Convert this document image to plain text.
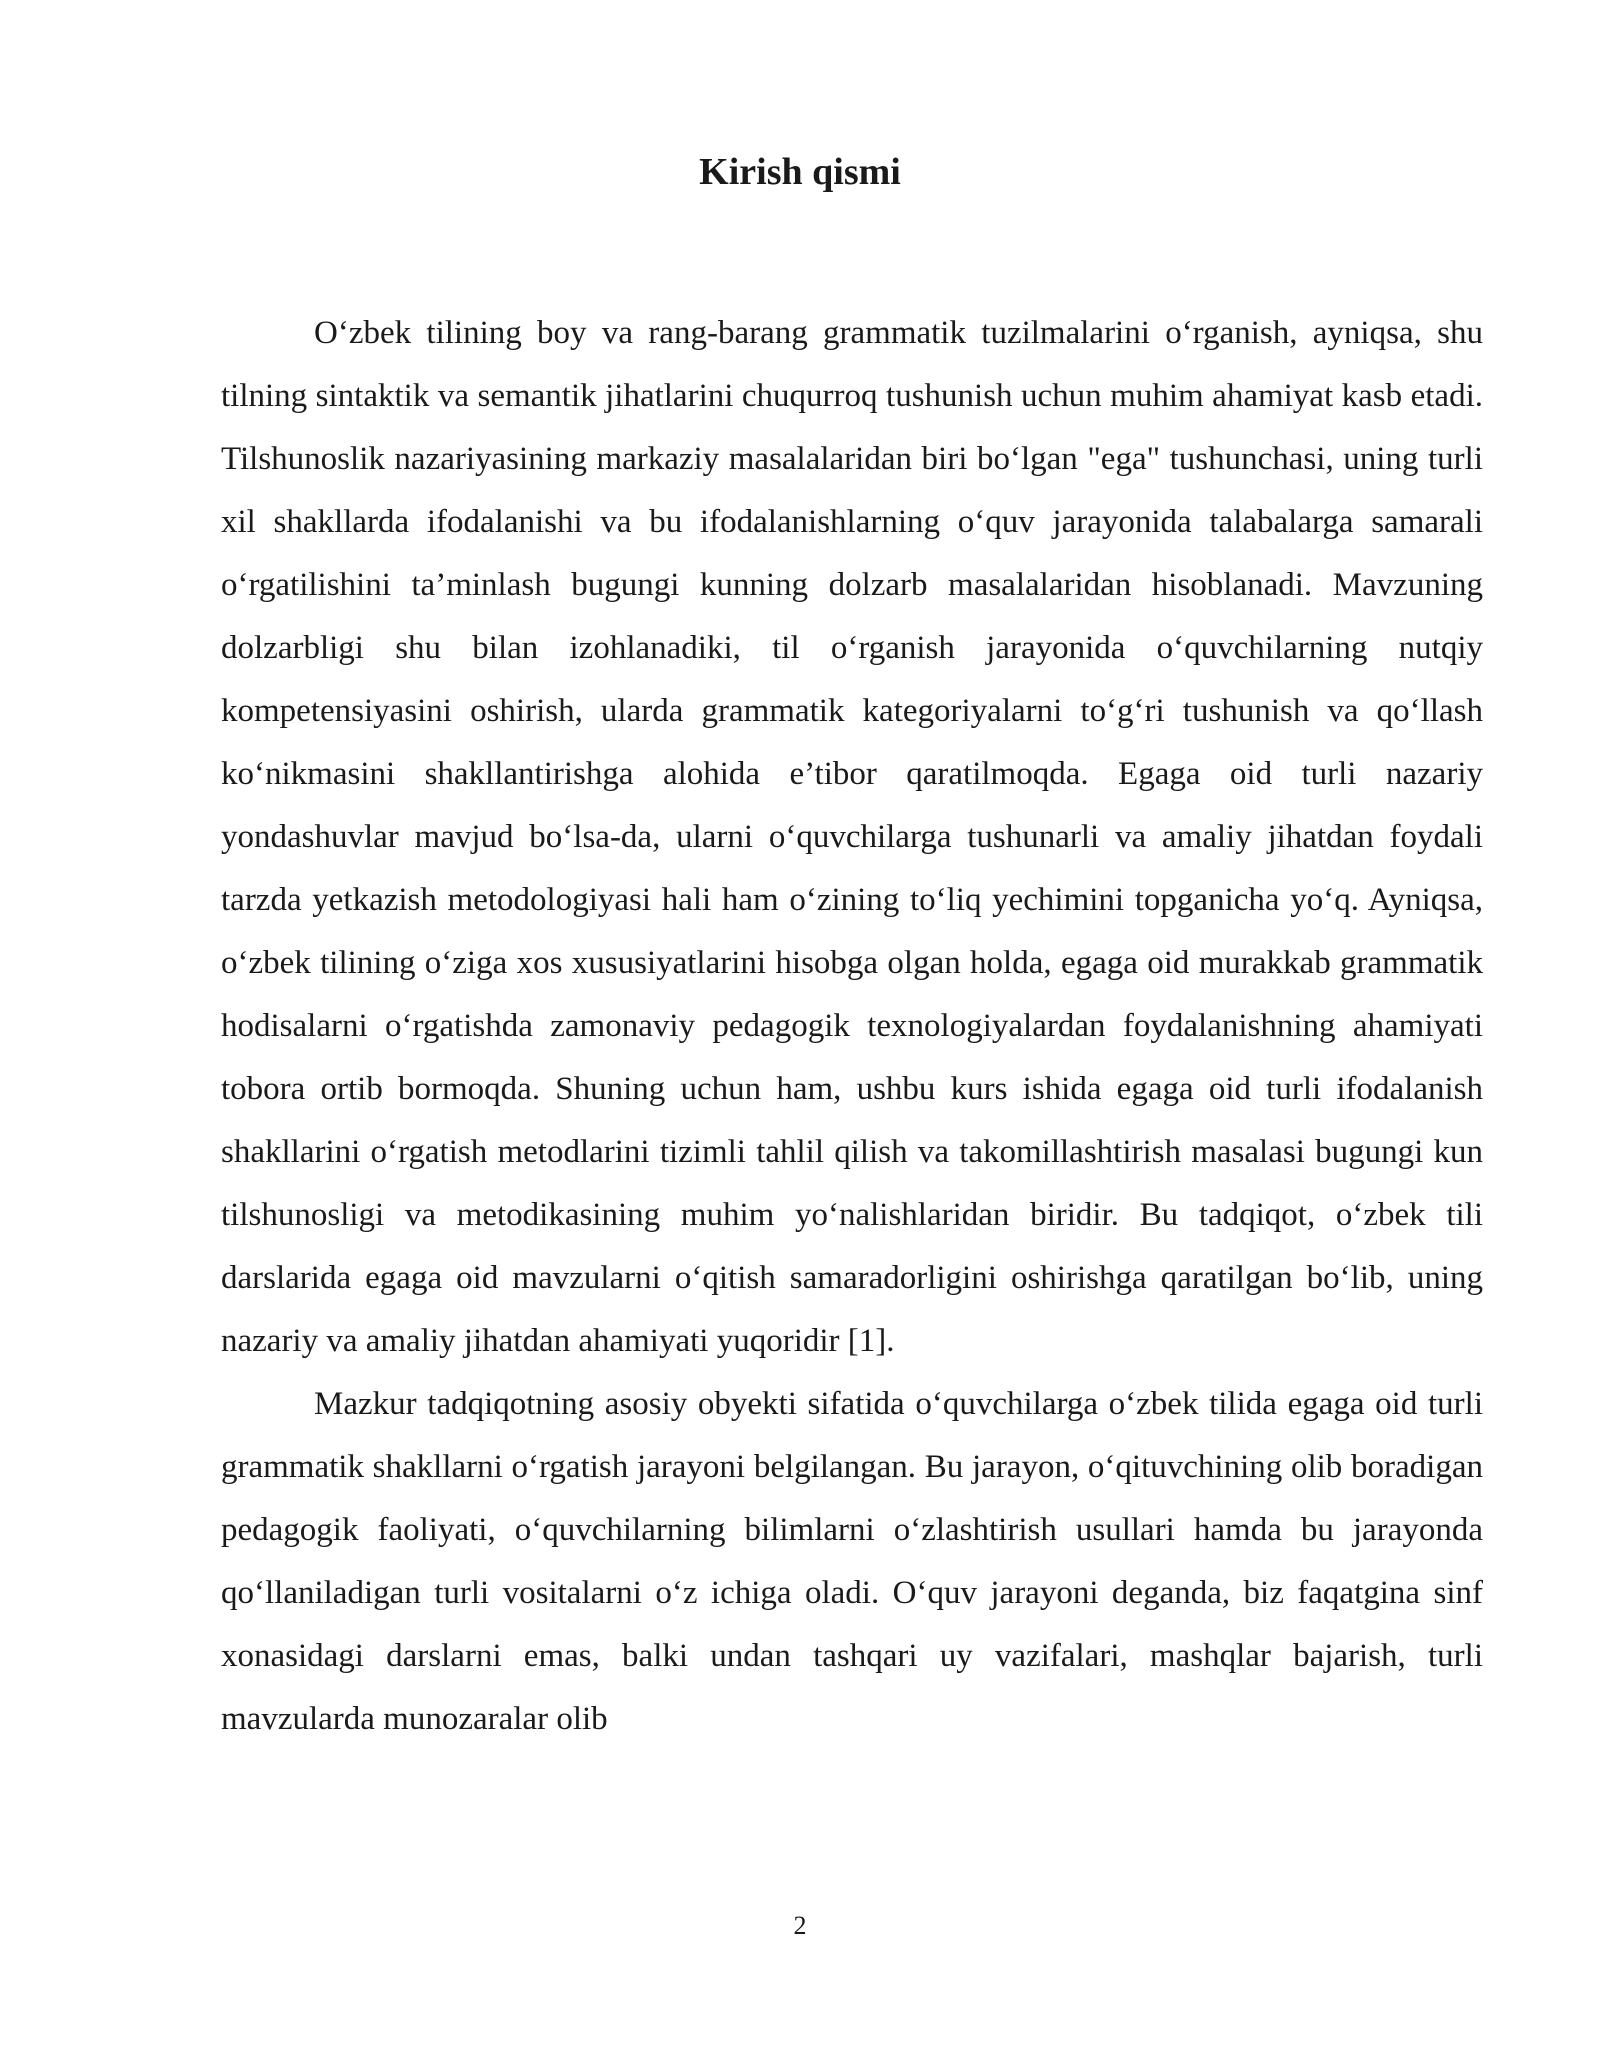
Kirish qismi

O‘zbek tilining boy va rang-barang grammatik tuzilmalarini o‘rganish, ayniqsa, shu tilning sintaktik va semantik jihatlarini chuqurroq tushunish uchun muhim ahamiyat kasb etadi. Tilshunoslik nazariyasining markaziy masalalaridan biri bo‘lgan "ega" tushunchasi, uning turli xil shakllarda ifodalanishi va bu ifodalanishlarning o‘quv jarayonida talabalarga samarali o‘rgatilishini ta’minlash bugungi kunning dolzarb masalalaridan hisoblanadi. Mavzuning dolzarbligi shu bilan izohlanadiki, til o‘rganish jarayonida o‘quvchilarning nutqiy kompetensiyasini oshirish, ularda grammatik kategoriyalarni to‘g‘ri tushunish va qo‘llash ko‘nikmasini shakllantirishga alohida e’tibor qaratilmoqda. Egaga oid turli nazariy yondashuvlar mavjud bo‘lsa-da, ularni o‘quvchilarga tushunarli va amaliy jihatdan foydali tarzda yetkazish metodologiyasi hali ham o‘zining to‘liq yechimini topganicha yo‘q. Ayniqsa, o‘zbek tilining o‘ziga xos xususiyatlarini hisobga olgan holda, egaga oid murakkab grammatik hodisalarni o‘rgatishda zamonaviy pedagogik texnologiyalardan foydalanishning ahamiyati tobora ortib bormoqda. Shuning uchun ham, ushbu kurs ishida egaga oid turli ifodalanish shakllarini o‘rgatish metodlarini tizimli tahlil qilish va takomillashtirish masalasi bugungi kun tilshunosligi va metodikasining muhim yo‘nalishlaridan biridir. Bu tadqiqot, o‘zbek tili darslarida egaga oid mavzularni o‘qitish samaradorligini oshirishga qaratilgan bo‘lib, uning nazariy va amaliy jihatdan ahamiyati yuqoridir [1].

Mazkur tadqiqotning asosiy obyekti sifatida o‘quvchilarga o‘zbek tilida egaga oid turli grammatik shakllarni o‘rgatish jarayoni belgilangan. Bu jarayon, o‘qituvchining olib boradigan pedagogik faoliyati, o‘quvchilarning bilimlarni o‘zlashtirish usullari hamda bu jarayonda qo‘llaniladigan turli vositalarni o‘z ichiga oladi. O‘quv jarayoni deganda, biz faqatgina sinf xonasidagi darslarni emas, balki undan tashqari uy vazifalari, mashqlar bajarish, turli mavzularda munozaralar olib

2
